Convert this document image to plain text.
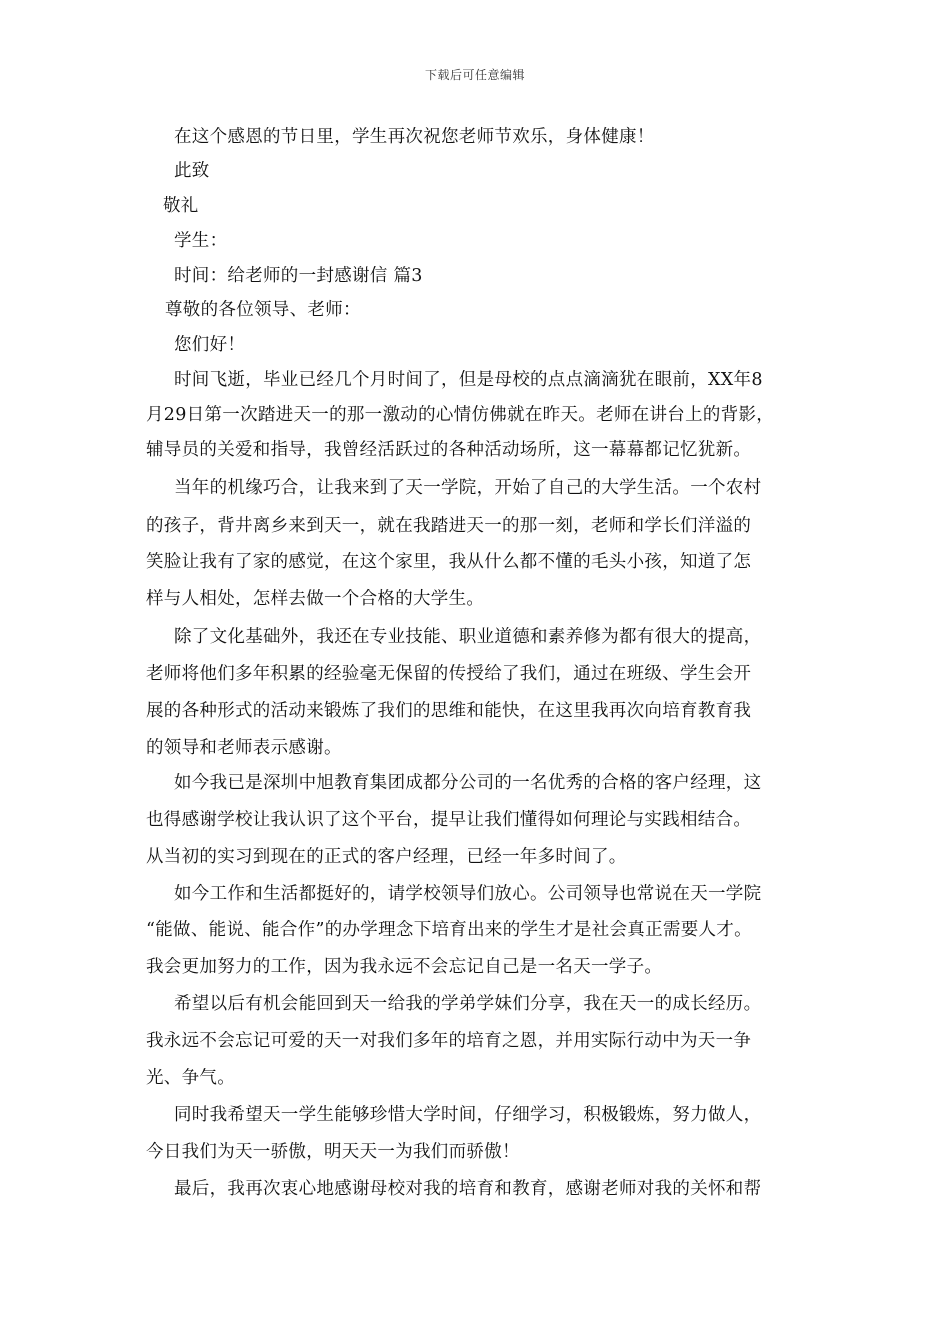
下载后可任意编辑
在这个感恩的节日里，学生再次祝您老师节欢乐，身体健康！
此致
敬礼
学生：
时间：给老师的一封感谢信 篇3
尊敬的各位领导、老师：
您们好！
时间飞逝，毕业已经几个月时间了，但是母校的点点滴滴犹在眼前，XX年8
月29日第一次踏进天一的那一激动的心情仿佛就在昨天。老师在讲台上的背影，
辅导员的关爱和指导，我曾经活跃过的各种活动场所，这一幕幕都记忆犹新。
当年的机缘巧合，让我来到了天一学院，开始了自己的大学生活。一个农村
的孩子，背井离乡来到天一，就在我踏进天一的那一刻，老师和学长们洋溢的
笑脸让我有了家的感觉，在这个家里，我从什么都不懂的毛头小孩，知道了怎
样与人相处，怎样去做一个合格的大学生。
除了文化基础外，我还在专业技能、职业道德和素养修为都有很大的提高，
老师将他们多年积累的经验毫无保留的传授给了我们，通过在班级、学生会开
展的各种形式的活动来锻炼了我们的思维和能快，在这里我再次向培育教育我
的领导和老师表示感谢。
如今我已是深圳中旭教育集团成都分公司的一名优秀的合格的客户经理，这
也得感谢学校让我认识了这个平台，提早让我们懂得如何理论与实践相结合。
从当初的实习到现在的正式的客户经理，已经一年多时间了。
如今工作和生活都挺好的，请学校领导们放心。公司领导也常说在天一学院
“能做、能说、能合作”的办学理念下培育出来的学生才是社会真正需要人才。
我会更加努力的工作，因为我永远不会忘记自己是一名天一学子。
希望以后有机会能回到天一给我的学弟学妹们分享，我在天一的成长经历。
我永远不会忘记可爱的天一对我们多年的培育之恩，并用实际行动中为天一争
光、争气。
同时我希望天一学生能够珍惜大学时间，仔细学习，积极锻炼，努力做人，
今日我们为天一骄傲，明天天一为我们而骄傲！
最后，我再次衷心地感谢母校对我的培育和教育，感谢老师对我的关怀和帮
